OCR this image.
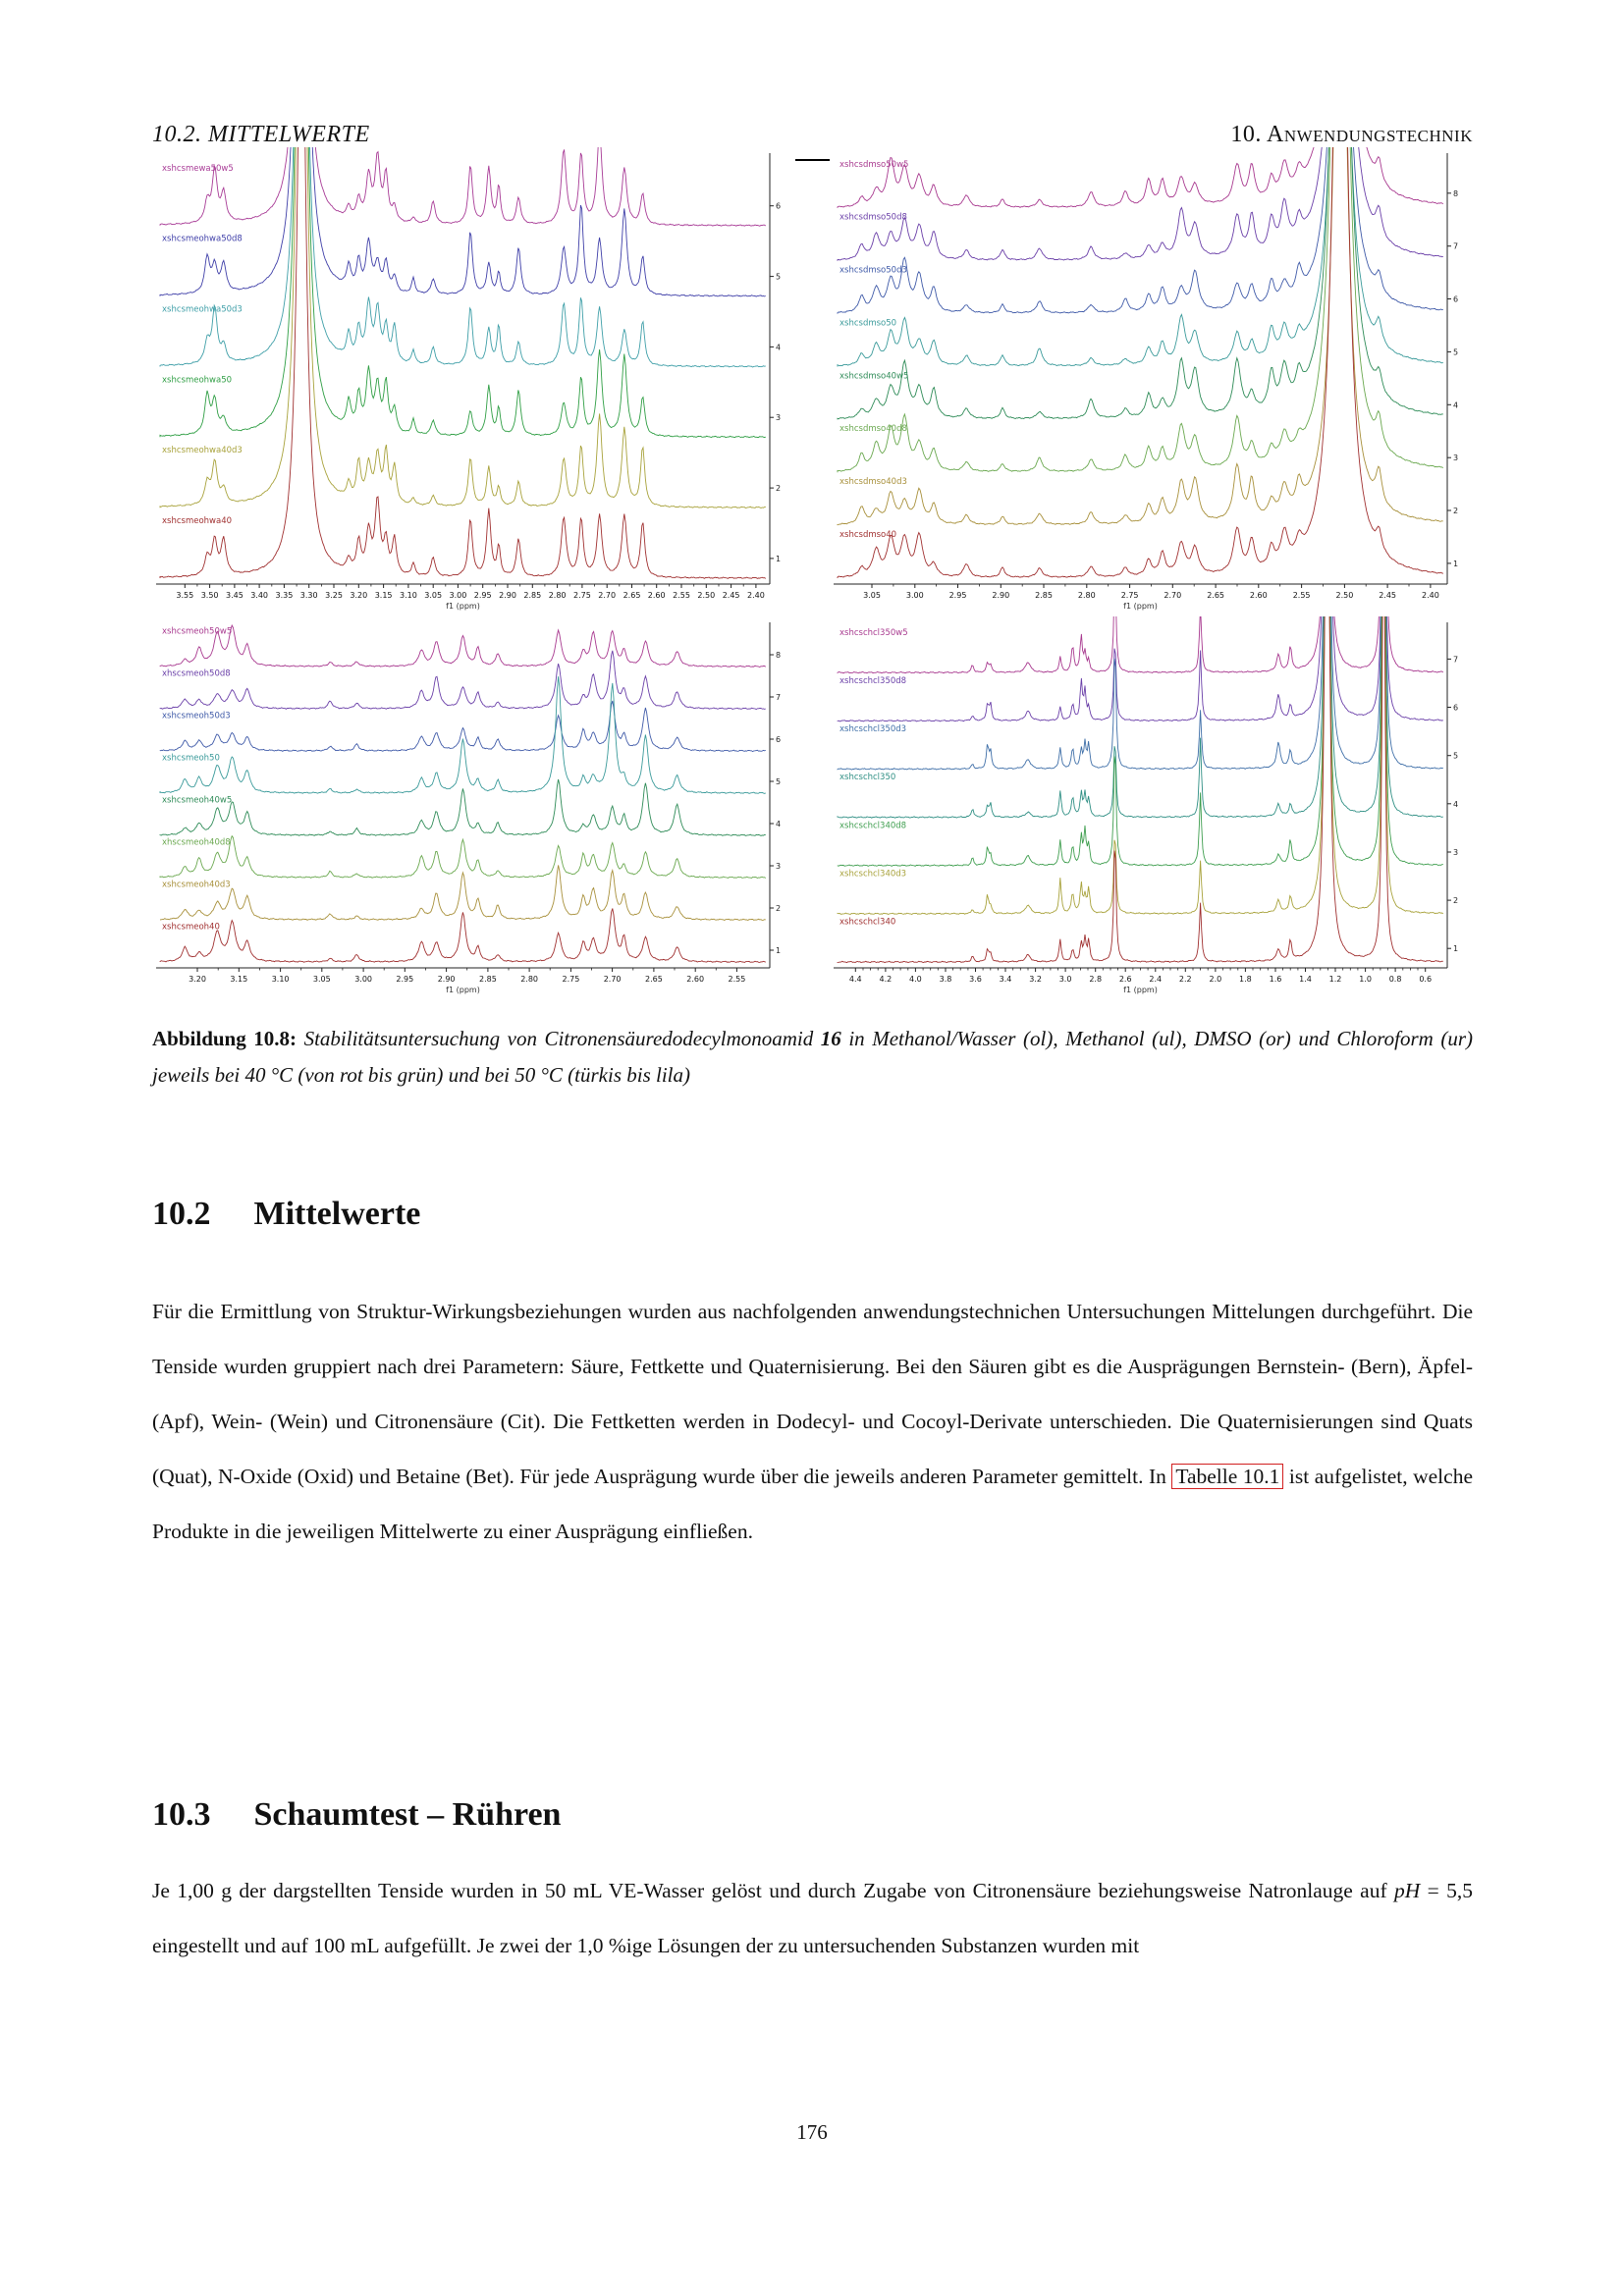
10.2. MITTELWERTE	10. Anwendungstechnik
xshcsmewa50w5
6
xshcsmeohwa50d8
5
xshcsmeohwa50d3
4
xshcsmeohwa50
3
xshcsmeohwa40d3
2
xshcsmeohwa40
1
3.55 3.50 3.45 3.40 3.35 3.30 3.25 3.20 3.15 3.10 3.05 3.00 2.95 2.90 2.85 2.80 2.75 2.70 2.65 2.60 2.55 2.50 2.45 2.40
f1 (ppm)
xshcsdmso50w5
8
xshcsdmso50d8
7
xshcsdmso50d3
6
xshcsdmso50
5
xshcsdmso40w5
4
xshcsdmso40d8
3
xshcsdmso40d3
2
xshcsdmso40
1
3.05	3.00	2.95	2.90	2.85	2.80	2.75	2.70	2.65	2.60	2.55	2.50	2.45	2.40
f1 (ppm)
xshcsmeoh50w5
8
xhscsmeoh50d8
7
xshcsmeoh50d3
6
xshcsmeoh50
5
xshcsmeoh40w5
4
xhscsmeoh40d8
3
xshcsmeoh40d3
2
xshcsmeoh40
1
3.20	3.15	3.10	3.05	3.00	2.95	2.90	2.85	2.80	2.75	2.70	2.65	2.60	2.55
f1 (ppm)
xshcschcl350w5
7
xshcschcl350d8
6
xshcschcl350d3
5
xshcschcl350
4
xshcschcl340d8
3
xshcschcl340d3
2
xshcschcl340
1
4.4 4.2 4.0 3.8 3.6 3.4 3.2 3.0 2.8 2.6 2.4 2.2 2.0 1.8 1.6 1.4 1.2 1.0 0.8 0.6
f1 (ppm)

Abbildung 10.8: Stabilitätsuntersuchung von Citronensäuredodecylmonoamid 16 in Methanol/Wasser (ol), Methanol (ul), DMSO (or) und Chloroform (ur) jeweils bei 40 °C (von rot bis grün) und bei 50 °C (türkis bis lila)

10.2 Mittelwerte

Für die Ermittlung von Struktur-Wirkungsbeziehungen wurden aus nachfolgenden anwendungstechnichen Untersuchungen Mittelungen durchgeführt. Die Tenside wurden gruppiert nach drei Parametern: Säure, Fettkette und Quaternisierung. Bei den Säuren gibt es die Ausprägungen Bernstein- (Bern), Äpfel- (Apf), Wein- (Wein) und Citronensäure (Cit). Die Fettketten werden in Dodecyl- und Cocoyl-Derivate unterschieden. Die Quaternisierungen sind Quats (Quat), N-Oxide (Oxid) und Betaine (Bet). Für jede Ausprägung wurde über die jeweils anderen Parameter gemittelt. In Tabelle 10.1 ist aufgelistet, welche Produkte in die jeweiligen Mittelwerte zu einer Ausprägung einfließen.

10.3 Schaumtest – Rühren

Je 1,00 g der dargstellten Tenside wurden in 50 mL VE-Wasser gelöst und durch Zugabe von Citronensäure beziehungsweise Natronlauge auf pH = 5,5 eingestellt und auf 100 mL aufgefüllt. Je zwei der 1,0 %ige Lösungen der zu untersuchenden Substanzen wurden mit

176
